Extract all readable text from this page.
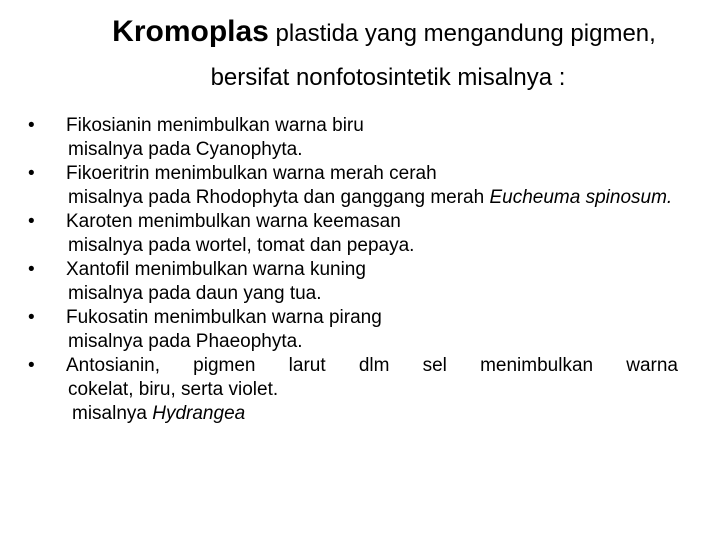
Kromoplas plastida yang mengandung pigmen,
bersifat nonfotosintetik misalnya :
• Fikosianin menimbulkan warna biru
misalnya pada Cyanophyta.
• Fikoeritrin menimbulkan warna merah cerah
misalnya pada Rhodophyta dan ganggang merah Eucheuma spinosum.
• Karoten menimbulkan warna keemasan
misalnya pada wortel, tomat dan pepaya.
• Xantofil menimbulkan warna kuning
misalnya pada daun yang tua.
• Fukosatin menimbulkan warna pirang
misalnya pada Phaeophyta.
• Antosianin, pigmen larut dlm sel menimbulkan warna
cokelat, biru, serta violet.
misalnya Hydrangea
